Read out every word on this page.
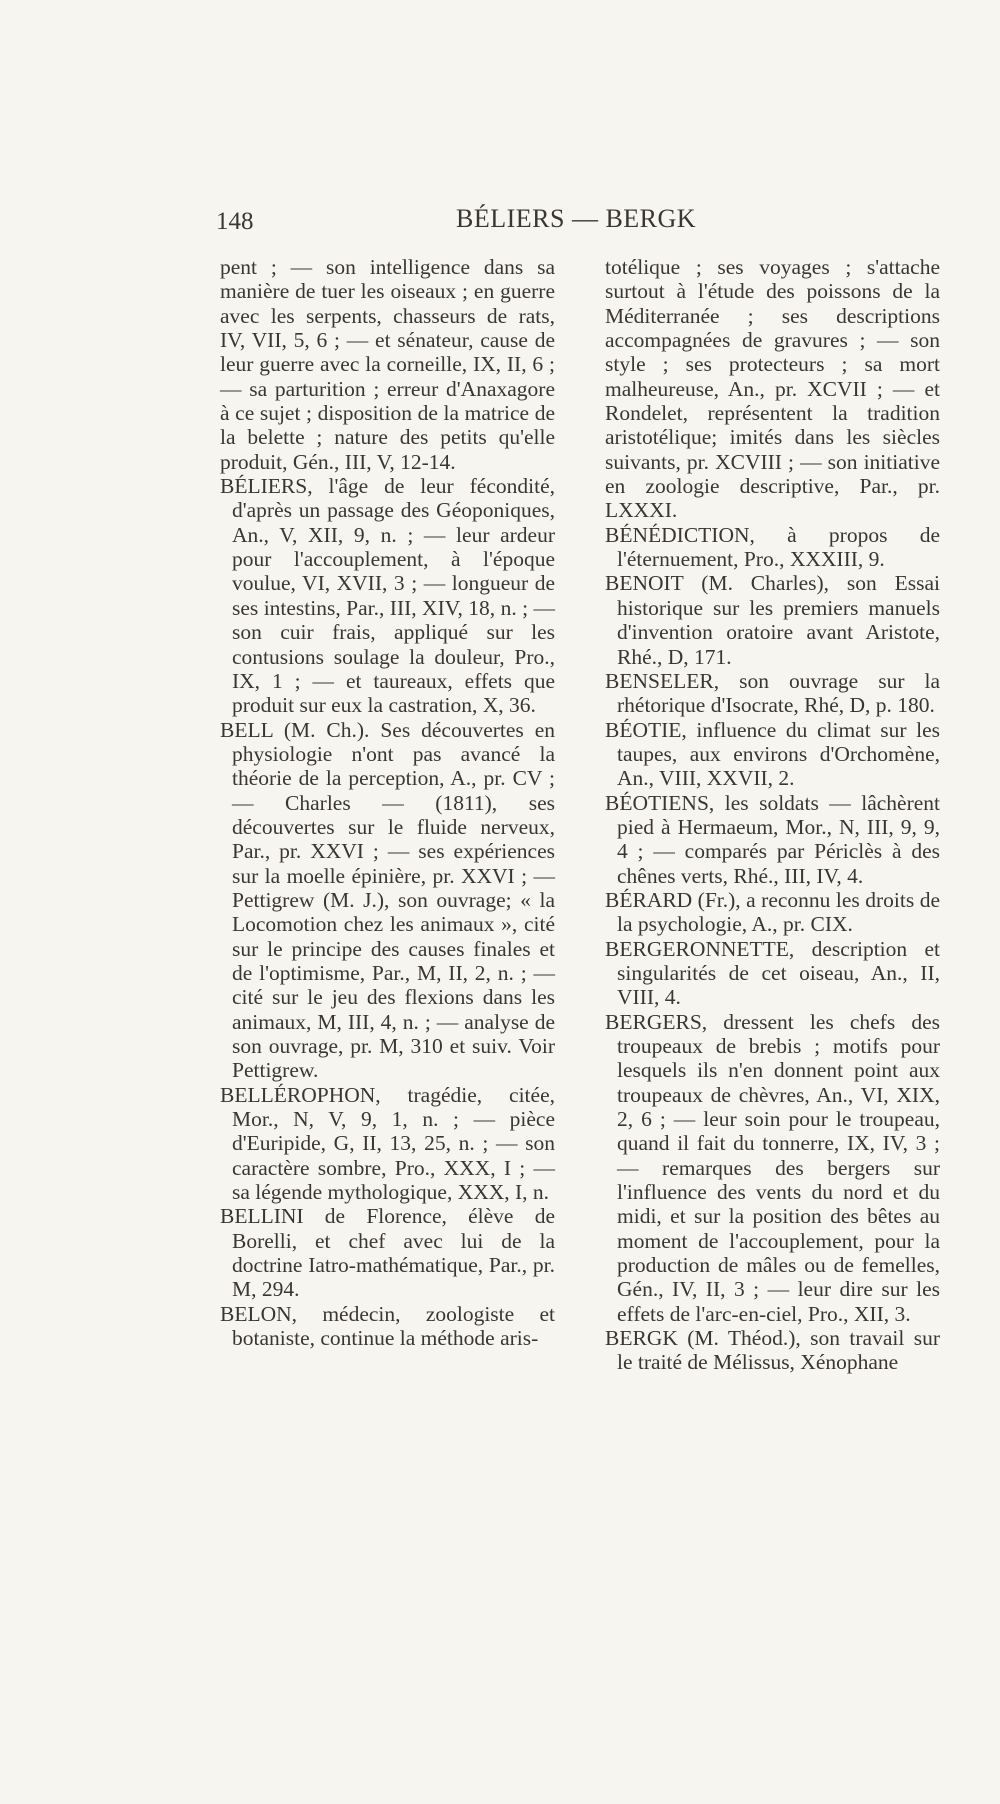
148	BÉLIERS — BERGK

pent ; — son intelligence dans sa manière de tuer les oiseaux ; en guerre avec les serpents, chasseurs de rats, IV, VII, 5, 6 ; — et sénateur, cause de leur guerre avec la corneille, IX, II, 6 ; — sa parturition ; erreur d'Anaxagore à ce sujet ; disposition de la matrice de la belette ; nature des petits qu'elle produit, Gén., III, V, 12-14.

BÉLIERS, l'âge de leur fécondité, d'après un passage des Géoponiques, An., V, XII, 9, n. ; — leur ardeur pour l'accouplement, à l'époque voulue, VI, XVII, 3 ; — longueur de ses intestins, Par., III, XIV, 18, n. ; — son cuir frais, appliqué sur les contusions soulage la douleur, Pro., IX, 1 ; — et taureaux, effets que produit sur eux la castration, X, 36.

BELL (M. Ch.). Ses découvertes en physiologie n'ont pas avancé la théorie de la perception, A., pr. CV ;— Charles — (1811), ses découvertes sur le fluide nerveux, Par., pr. XXVI ; — ses expériences sur la moelle épinière, pr. XXVI ; — Pettigrew (M. J.), son ouvrage; « la Locomotion chez les animaux », cité sur le principe des causes finales et de l'optimisme, Par., M, II, 2, n. ; — cité sur le jeu des flexions dans les animaux, M, III, 4, n. ; — analyse de son ouvrage, pr. M, 310 et suiv. Voir Pettigrew.

BELLÉROPHON, tragédie, citée, Mor., N, V, 9, 1, n. ; — pièce d'Euripide, G, II, 13, 25, n. ; — son caractère sombre, Pro., XXX, I ; — sa légende mythologique, XXX, I, n.

BELLINI de Florence, élève de Borelli, et chef avec lui de la doctrine Iatro-mathématique, Par., pr. M, 294.

BELON, médecin, zoologiste et botaniste, continue la méthode aris-

totélique ; ses voyages ; s'attache surtout à l'étude des poissons de la Méditerranée ; ses descriptions accompagnées de gravures ; — son style ; ses protecteurs ; sa mort malheureuse, An., pr. XCVII ; — et Rondelet, représentent la tradition aristotélique; imités dans les siècles suivants, pr. XCVIII ; — son initiative en zoologie descriptive, Par., pr. LXXXI.

BÉNÉDICTION, à propos de l'éternuement, Pro., XXXIII, 9.

BENOIT (M. Charles), son Essai historique sur les premiers manuels d'invention oratoire avant Aristote, Rhé., D, 171.

BENSELER, son ouvrage sur la rhétorique d'Isocrate, Rhé, D, p. 180.

BÉOTIE, influence du climat sur les taupes, aux environs d'Orchomène, An., VIII, XXVII, 2.

BÉOTIENS, les soldats — lâchèrent pied à Hermaeum, Mor., N, III, 9, 9, 4 ; — comparés par Périclès à des chênes verts, Rhé., III, IV, 4.

BÉRARD (Fr.), a reconnu les droits de la psychologie, A., pr. CIX.

BERGERONNETTE, description et singularités de cet oiseau, An., II, VIII, 4.

BERGERS, dressent les chefs des troupeaux de brebis ; motifs pour lesquels ils n'en donnent point aux troupeaux de chèvres, An., VI, XIX, 2, 6 ; — leur soin pour le troupeau, quand il fait du tonnerre, IX, IV, 3 ; — remarques des bergers sur l'influence des vents du nord et du midi, et sur la position des bêtes au moment de l'accouplement, pour la production de mâles ou de femelles, Gén., IV, II, 3 ; — leur dire sur les effets de l'arc-en-ciel, Pro., XII, 3.

BERGK (M. Théod.), son travail sur le traité de Mélissus, Xénophane
